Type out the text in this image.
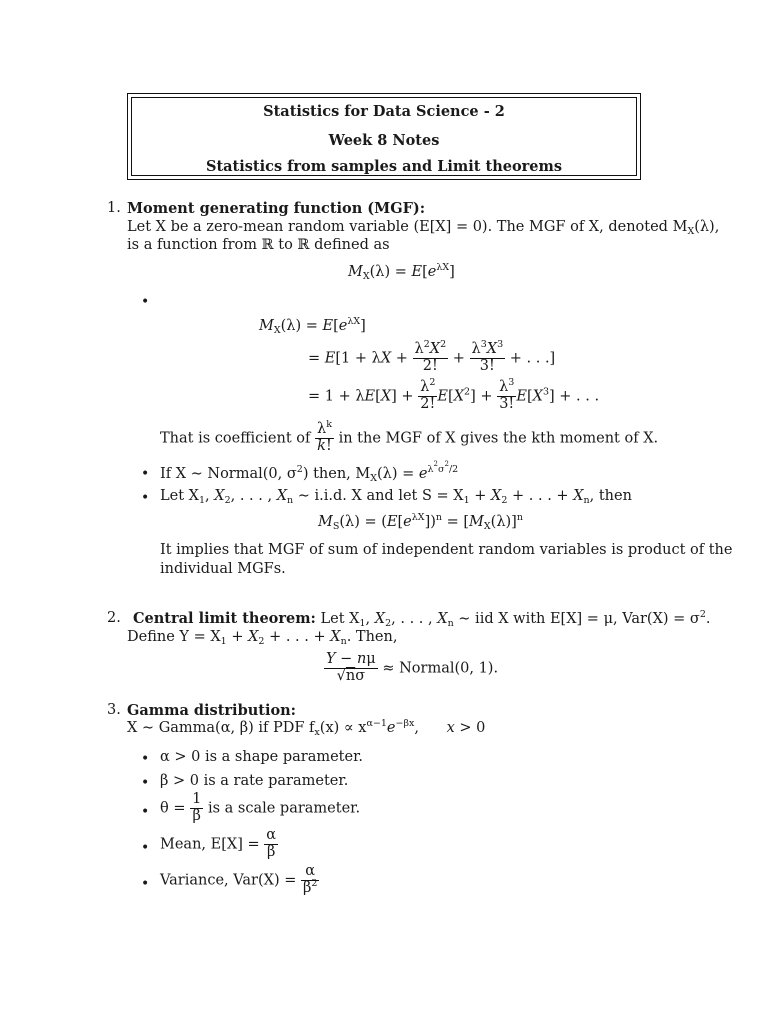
Statistics for Data Science - 2
Week 8 Notes
Statistics from samples and Limit theorems
1. Moment generating function (MGF):
Let X be a zero-mean random variable (E[X] = 0). The MGF of X, denoted $M_X(\lambda)$,
is a function from ℝ to ℝ defined as
$M_X(\lambda) = E[e^{\lambda X}]$
•
$M_X(\lambda) = E[e^{\lambda X}]$
= $E[1 + \lambda X + \frac{\lambda^2X^2}{2!} + \frac{\lambda^3X^3}{3!}$ + . . .]
= $1 + \lambda E[X] + \frac{\lambda^2}{2!} E[X^2] + \frac{\lambda^3}{3!} E[X^3]$ + . . .
That is coefficient of $\frac{\lambda^k}{k!}$ in the MGF of X gives the kth moment of X.
• If X ∼ Normal(0, $\sigma^2$) then, $M_X(\lambda) = e^{\lambda^2\sigma^2/2}$
• Let $X_1$, $X_2$, . . . , $X_n$ ∼ i.i.d. X and let $S = X_1 + X_2$ + . . . + $X_n$, then
$M_S(\lambda) = (E[e^{\lambda X}])^n = [M_X(\lambda)]^n$
It implies that MGF of sum of independent random variables is product of the
individual MGFs.
2. Central limit theorem: Let $X_1$, $X_2$, . . . , $X_n$ ∼ iid X with E[X] = μ, $Var(X) = \sigma^2$.
Define $Y = X_1 + X_2$ + . . . + $X_n$. Then,
$\frac{Y - n\mu}{√n\sigma}$ ≈ Normal(0, 1).
3. Gamma distribution:
X ∼ Gamma(α, β) if PDF $f_x(x) \propto x^{\alpha-1}e^{-\beta x}$,      x > 0
• α > 0 is a shape parameter.
• β > 0 is a rate parameter.
• $\theta = \frac{1}{\beta}$ is a scale parameter.
• Mean, $E[X] = \frac{\alpha}{\beta}$
• Variance, $Var(X) = \frac{\alpha}{\beta^2}$
